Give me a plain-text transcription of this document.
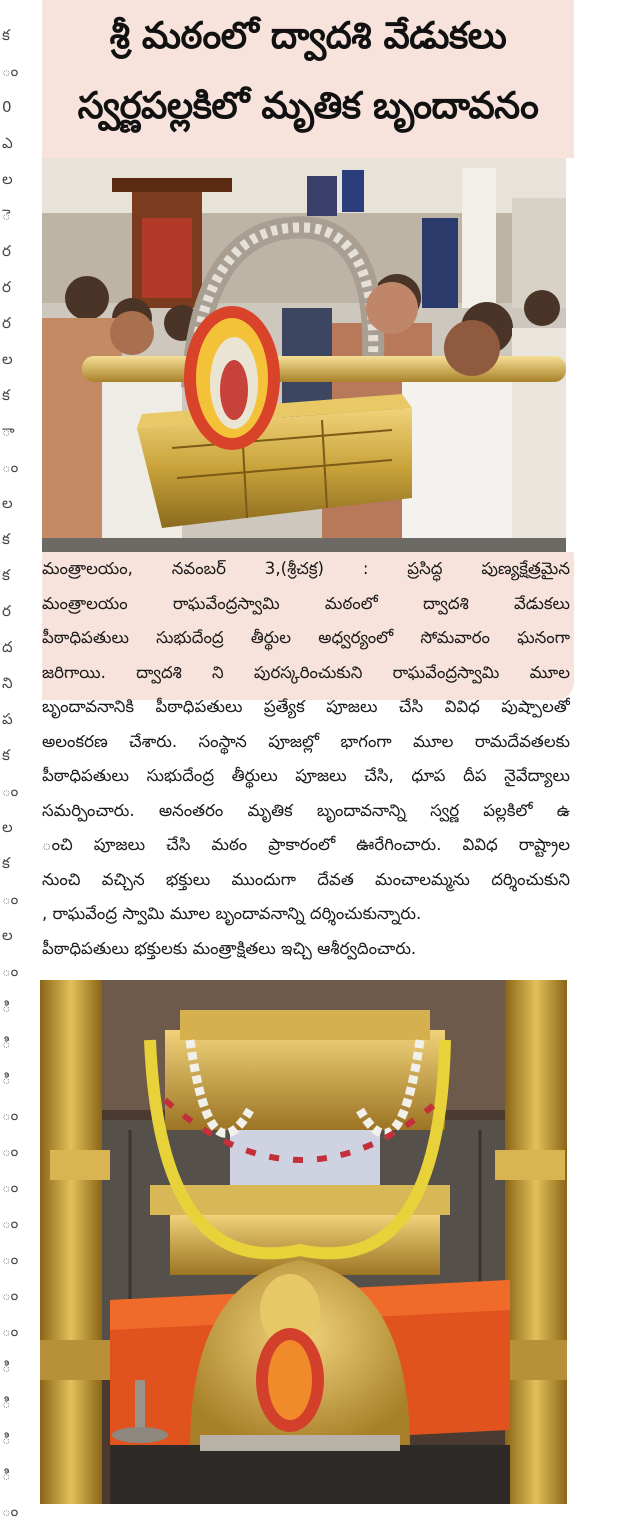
క
ం
0
ఎ
ల
ె
ర
ర
ర
ల
క
ా
ం
ల
క
క
ర
ద
ని
ప
క
ం
ల
క
ం
ల
ం
ి
ి
ి
ం
ం
ం
ం
ం
ం
ం
ి
ి
ి
ి
ం
శ్రీ మఠంలో ద్వాదశి వేడుకలు
స్వర్ణపల్లకిలో మృతిక బృందావనం
మంత్రాలయం, నవంబర్ 3,(శ్రీచక్ర) : ప్రసిద్ధ పుణ్యక్షేత్రమైన
మంత్రాలయం రాఘవేంద్రస్వామి మఠంలో ద్వాదశి వేడుకలు
పీఠాధిపతులు సుభుదేంద్ర తీర్థుల అధ్వర్యంలో సోమవారం ఘనంగా
జరిగాయి. ద్వాదశి ని పురస్కరించుకుని రాఘవేంద్రస్వామి మూల
బృందావనానికి పీఠాధిపతులు ప్రత్యేక పూజలు చేసి వివిధ పుష్పాలతో
అలంకరణ చేశారు. సంస్థాన పూజల్లో భాగంగా మూల రామదేవతలకు
పీఠాధిపతులు సుభుదేంద్ర తీర్థులు పూజలు చేసి, ధూప దీప నైవేద్యాలు
సమర్పించారు. అనంతరం మృతిక బృందావనాన్ని స్వర్ణ పల్లకిలో ఉ
ంచి పూజలు చేసి మఠం ప్రాకారంలో ఊరేగించారు. వివిధ రాష్ట్రాల
నుంచి వచ్చిన భక్తులు ముందుగా దేవత మంచాలమ్మను దర్శించుకుని
, రాఘవేంద్ర స్వామి మూల బృందావనాన్ని దర్శించుకున్నారు.
పీఠాధిపతులు భక్తులకు మంత్రాక్షితలు ఇచ్చి ఆశీర్వదించారు.
